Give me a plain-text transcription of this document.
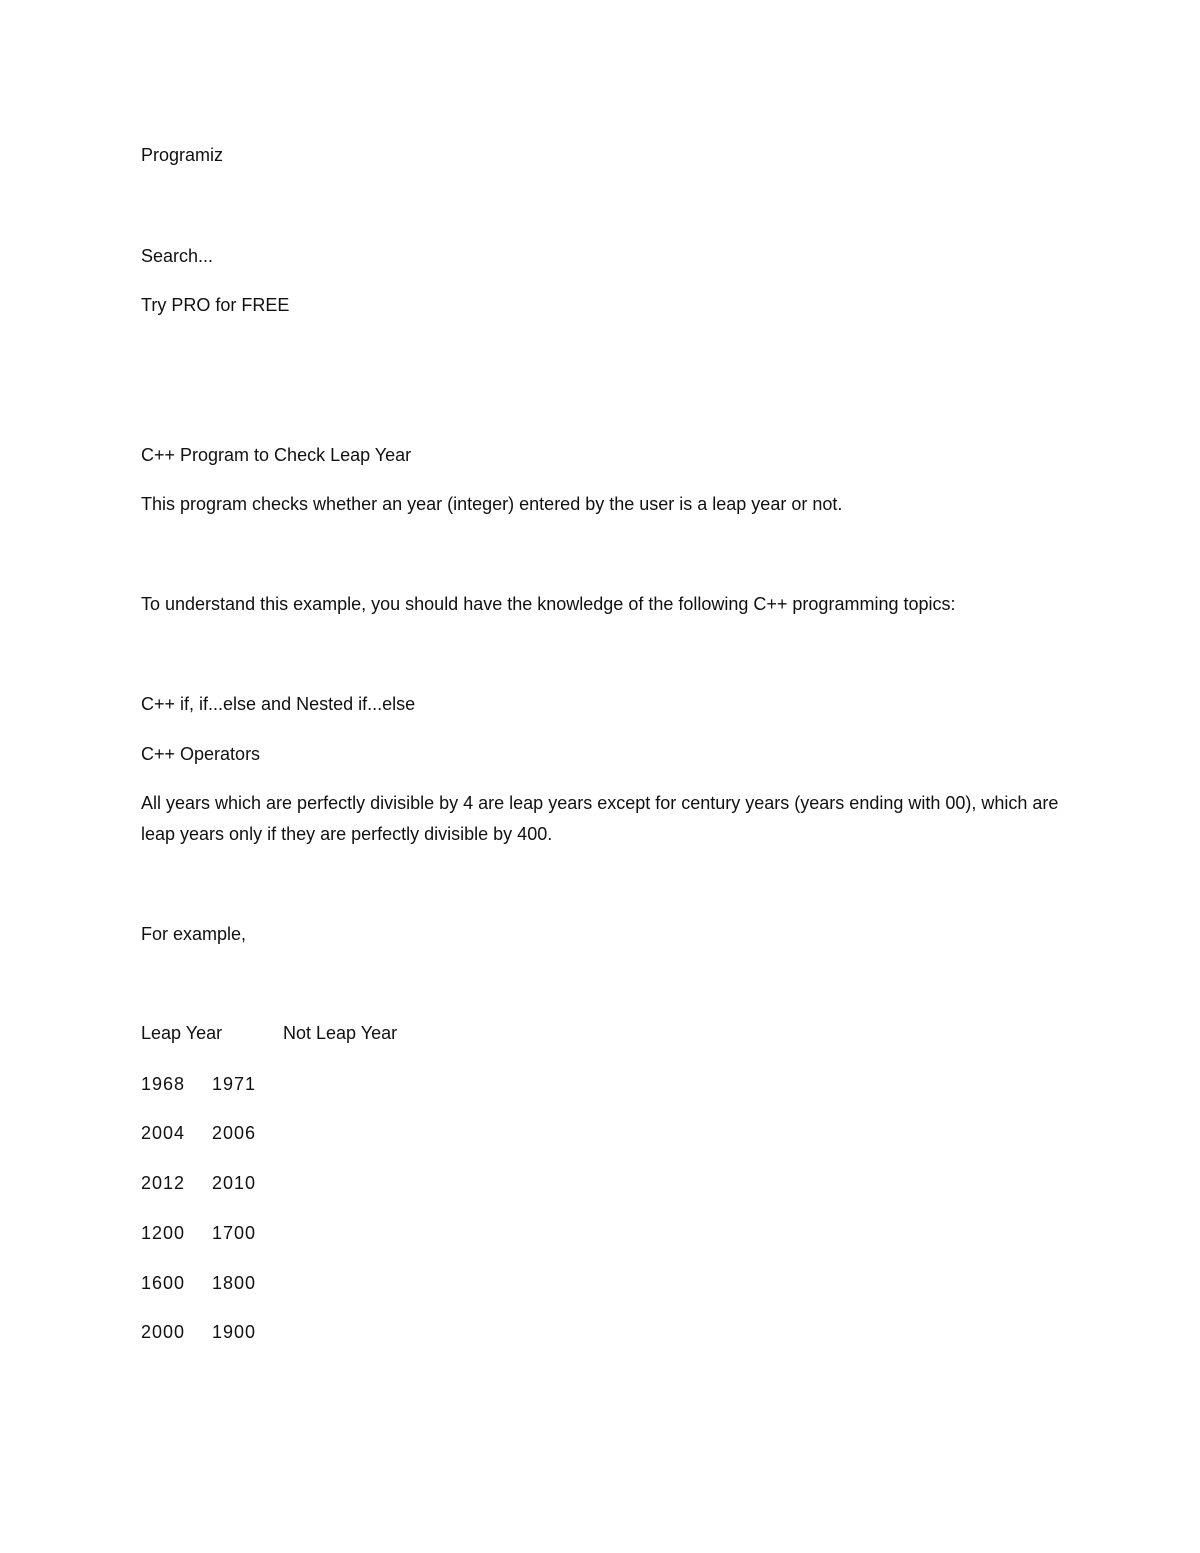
Programiz
Search...
Try PRO for FREE
C++ Program to Check Leap Year
This program checks whether an year (integer) entered by the user is a leap year or not.
To understand this example, you should have the knowledge of the following C++ programming topics:
C++ if, if...else and Nested if...else
C++ Operators
All years which are perfectly divisible by 4 are leap years except for century years (years ending with 00), which are leap years only if they are perfectly divisible by 400.
For example,
Leap Year	Not Leap Year
1968 1971
2004 2006
2012 2010
1200 1700
1600 1800
2000 1900
